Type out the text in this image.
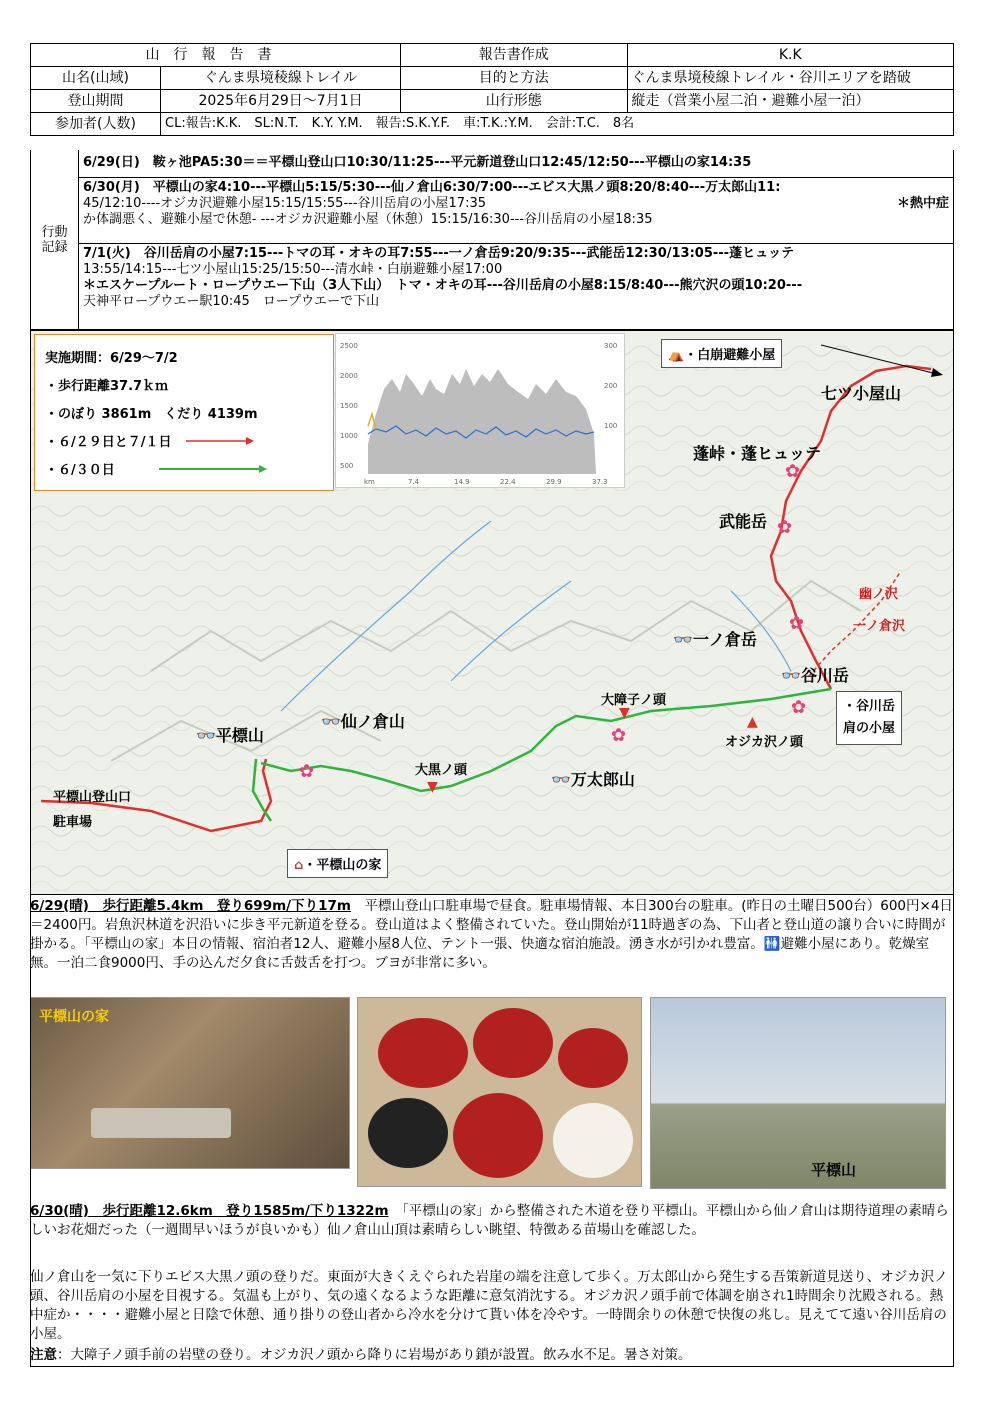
山行報告書		報告書作成	K.K
山名(山域)	ぐんま県境稜線トレイル	目的と方法	ぐんま県境稜線トレイル・谷川エリアを踏破
登山期間	2025年6月29日～7月1日	山行形態	縦走（営業小屋二泊・避難小屋一泊）
参加者(人数)	CL:報告:K.K.　SL:N.T.　K.Y. Y.M.　報告:S.K.Y.F.　車:T.K.:Y.M.　会計:T.C.　8名		
行動記録
6/29(日)　鞍ヶ池PA5:30＝＝平標山登山口10:30/11:25---平元新道登山口12:45/12:50---平標山の家14:35
6/30(月)　平標山の家4:10---平標山5:15/5:30---仙ノ倉山6:30/7:00---エビス大黒ノ頭8:20/8:40---万太郎山11:
45/12:10----オジカ沢避難小屋15:15/15:55---谷川岳肩の小屋17:35	＊熱中症
か体調悪く、避難小屋で休憩- ---オジカ沢避難小屋（休憩）15:15/16:30---谷川岳肩の小屋18:35
7/1(火)　谷川岳肩の小屋7:15---トマの耳・オキの耳7:55---一ノ倉岳9:20/9:35---武能岳12:30/13:05---蓬ヒュッテ
13:55/14:15---七ツ小屋山15:25/15:50---清水峠・白崩避難小屋17:00
＊エスケープルート・ロープウエー下山（3人下山）　トマ・オキの耳---谷川岳肩の小屋8:15/8:40---熊穴沢の頭10:20---
天神平ロープウエー駅10:45　ロープウエーで下山
実施期間：6/29～7/2
・歩行距離37.7ｋｍ
・のぼり 3861m　くだり 4139m
・６/２９日と７/１日
・６/３０日
2500
2000
1500
1000
500
300
200
100
km	7.4	14.9	22.4	29.9	37.3
⛺・白崩避難小屋
七ツ小屋山
蓬峠・蓬ヒュッテ
武能岳
幽ノ沢
一ノ倉沢
👓一ノ倉岳
👓谷川岳
・谷川岳
肩の小屋
大障子ノ頭
オジカ沢ノ頭
👓万太郎山
大黒ノ頭
👓仙ノ倉山
👓平標山
平標山登山口
駐車場
⌂・平標山の家
✿
✿
✿
✿
✿
✿
▼
▲
▼
6/29(晴)　歩行距離5.4km　登り699m/下り17m　平標山登山口駐車場で昼食。駐車場情報、本日300台の駐車。(昨日の土曜日500台）600円×4日＝2400円。岩魚沢林道を沢沿いに歩き平元新道を登る。登山道はよく整備されていた。登山開始が11時過ぎの為、下山者と登山道の譲り合いに時間が掛かる。「平標山の家」本日の情報、宿泊者12人、避難小屋8人位、テント一張、快適な宿泊施設。湧き水が引かれ豊富。🚻避難小屋にあり。乾燥室無。一泊二食9000円、手の込んだ夕食に舌鼓舌を打つ。ブヨが非常に多い。
平標山の家
平標山
6/30(晴)　歩行距離12.6km　登り1585m/下り1322m　「平標山の家」から整備された木道を登り平標山。平標山から仙ノ倉山は期待道理の素晴らしいお花畑だった（一週間早いほうが良いかも）仙ノ倉山山頂は素晴らしい眺望、特徴ある苗場山を確認した。
仙ノ倉山を一気に下りエビス大黒ノ頭の登りだ。東面が大きくえぐられた岩崖の端を注意して歩く。万太郎山から発生する吾策新道見送り、オジカ沢ノ頭、谷川岳肩の小屋を目視する。気温も上がり、気の遠くなるような距離に意気消沈する。オジカ沢ノ頭手前で体調を崩され1時間余り沈殿される。熱中症か・・・・避難小屋と日陰で休憩、通り掛りの登山者から冷水を分けて貰い体を冷やす。一時間余りの休憩で快復の兆し。見えてて遠い谷川岳肩の小屋。
注意：大障子ノ頭手前の岩壁の登り。オジカ沢ノ頭から降りに岩場があり鎖が設置。飲み水不足。暑さ対策。
